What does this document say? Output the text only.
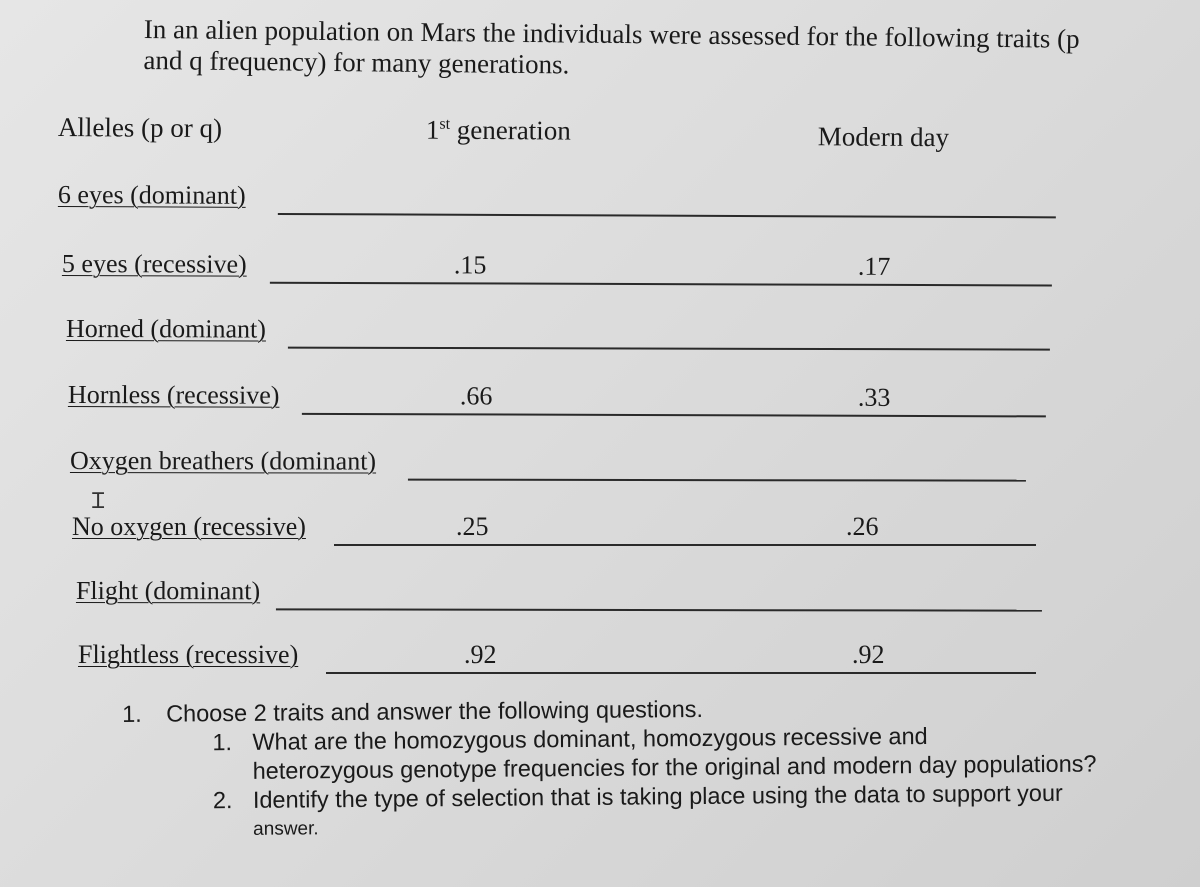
In an alien population on Mars the individuals were assessed for the following traits (p
and q frequency) for many generations.
Alleles (p or q)	1st generation	Modern day
6 eyes (dominant)
5 eyes (recessive)	.15	.17
Horned (dominant)
Hornless (recessive)	.66	.33
Oxygen breathers (dominant)
No oxygen (recessive)	.25	.26
Flight (dominant)
Flightless (recessive)	.92	.92
Ɪ
1. Choose 2 traits and answer the following questions.
1. What are the homozygous dominant, homozygous recessive and
heterozygous genotype frequencies for the original and modern day populations?
2. Identify the type of selection that is taking place using the data to support your
answer.
